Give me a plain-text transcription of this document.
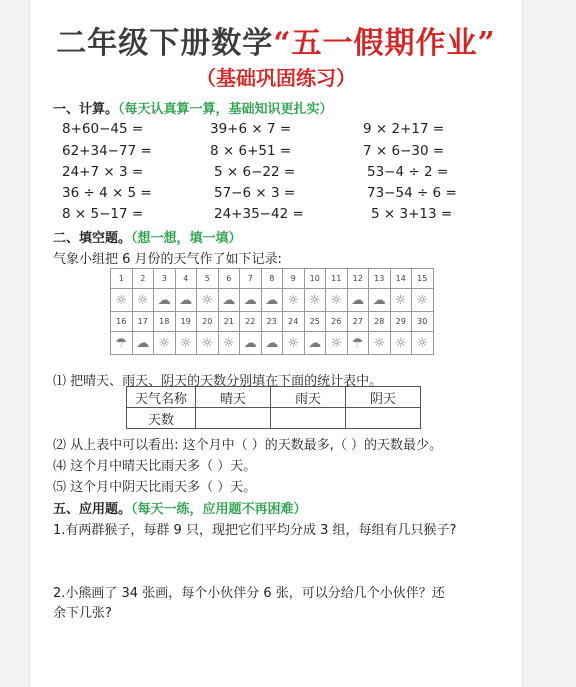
二年级下册数学“五一假期作业”
（基础巩固练习）
一、计算。（每天认真算一算，基础知识更扎实）
8+60−45 =	39+6 × 7 =	9 × 2+17 =
62+34−77 =	8 × 6+51 =	7 × 6−30 =
24+7 × 3 =	5 × 6−22 =	53−4 ÷ 2 =
36 ÷ 4 × 5 =	57−6 × 3 =	73−54 ÷ 6 =
8 × 5−17 =	24+35−42 =	5 × 3+13 =
二、填空题。（想一想，填一填）
气象小组把 6 月份的天气作了如下记录:
1	2	3	4	5	6	7	8	9	10	11	12	13	14	15
☼	☼	☁	☁	☼	☁	☁	☁	☼	☼	☼	☁	☁	☼	☼
16	17	18	19	20	21	22	23	24	25	26	27	28	29	30
☂	☁	☼	☼	☼	☼	☁	☁	☼	☁	☼	☂	☼	☼	☼
⑴ 把晴天、雨天、阴天的天数分别填在下面的统计表中。
天气名称	晴天	雨天	阴天
天数			
⑵ 从上表中可以看出: 这个月中（ ）的天数最多,（ ）的天数最少。
⑷ 这个月中晴天比雨天多（ ）天。
⑸ 这个月中阴天比雨天多（ ）天。
五、应用题。（每天一练，应用题不再困难）
1.有两群猴子，每群 9 只，现把它们平均分成 3 组，每组有几只猴子?
2.小熊画了 34 张画，每个小伙伴分 6 张，可以分给几个小伙伴？还
余下几张?
